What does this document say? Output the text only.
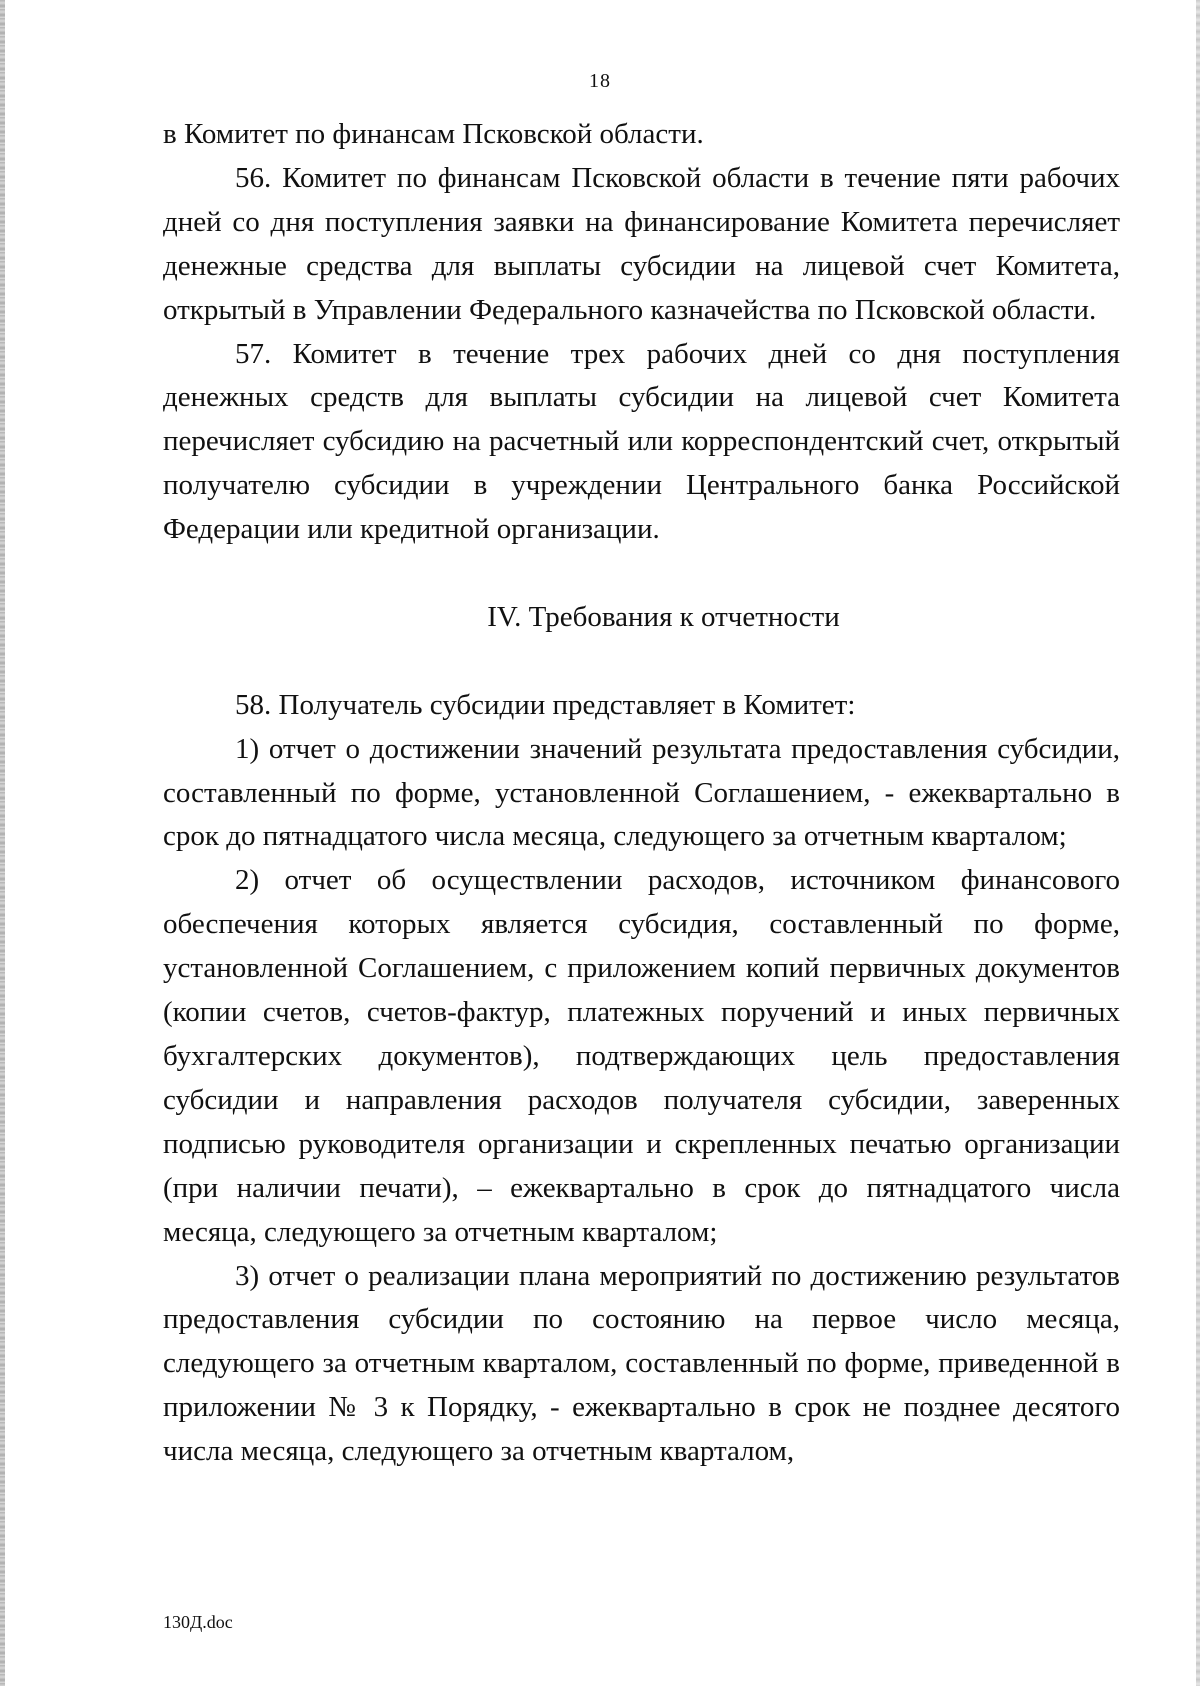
18

в Комитет по финансам Псковской области.

56. Комитет по финансам Псковской области в течение пяти рабочих дней со дня поступления заявки на финансирование Комитета перечисляет денежные средства для выплаты субсидии на лицевой счет Комитета, открытый в Управлении Федерального казначейства по Псковской области.

57. Комитет в течение трех рабочих дней со дня поступления денежных средств для выплаты субсидии на лицевой счет Комитета перечисляет субсидию на расчетный или корреспондентский счет, открытый получателю субсидии в учреждении Центрального банка Российской Федерации или кредитной организации.

IV. Требования к отчетности

58. Получатель субсидии представляет в Комитет:

1) отчет о достижении значений результата предоставления субсидии, составленный по форме, установленной Соглашением, - ежеквартально в срок до пятнадцатого числа месяца, следующего за отчетным кварталом;

2) отчет об осуществлении расходов, источником финансового обеспечения которых является субсидия, составленный по форме, установленной Соглашением, с приложением копий первичных документов (копии счетов, счетов-фактур, платежных поручений и иных первичных бухгалтерских документов), подтверждающих цель предоставления субсидии и направления расходов получателя субсидии, заверенных подписью руководителя организации и скрепленных печатью организации (при наличии печати), – ежеквартально в срок до пятнадцатого числа месяца, следующего за отчетным кварталом;

3) отчет о реализации плана мероприятий по достижению результатов предоставления субсидии по состоянию на первое число месяца, следующего за отчетным кварталом, составленный по форме, приведенной в приложении № 3 к Порядку, - ежеквартально в срок не позднее десятого числа месяца, следующего за отчетным кварталом,

130Д.doc
